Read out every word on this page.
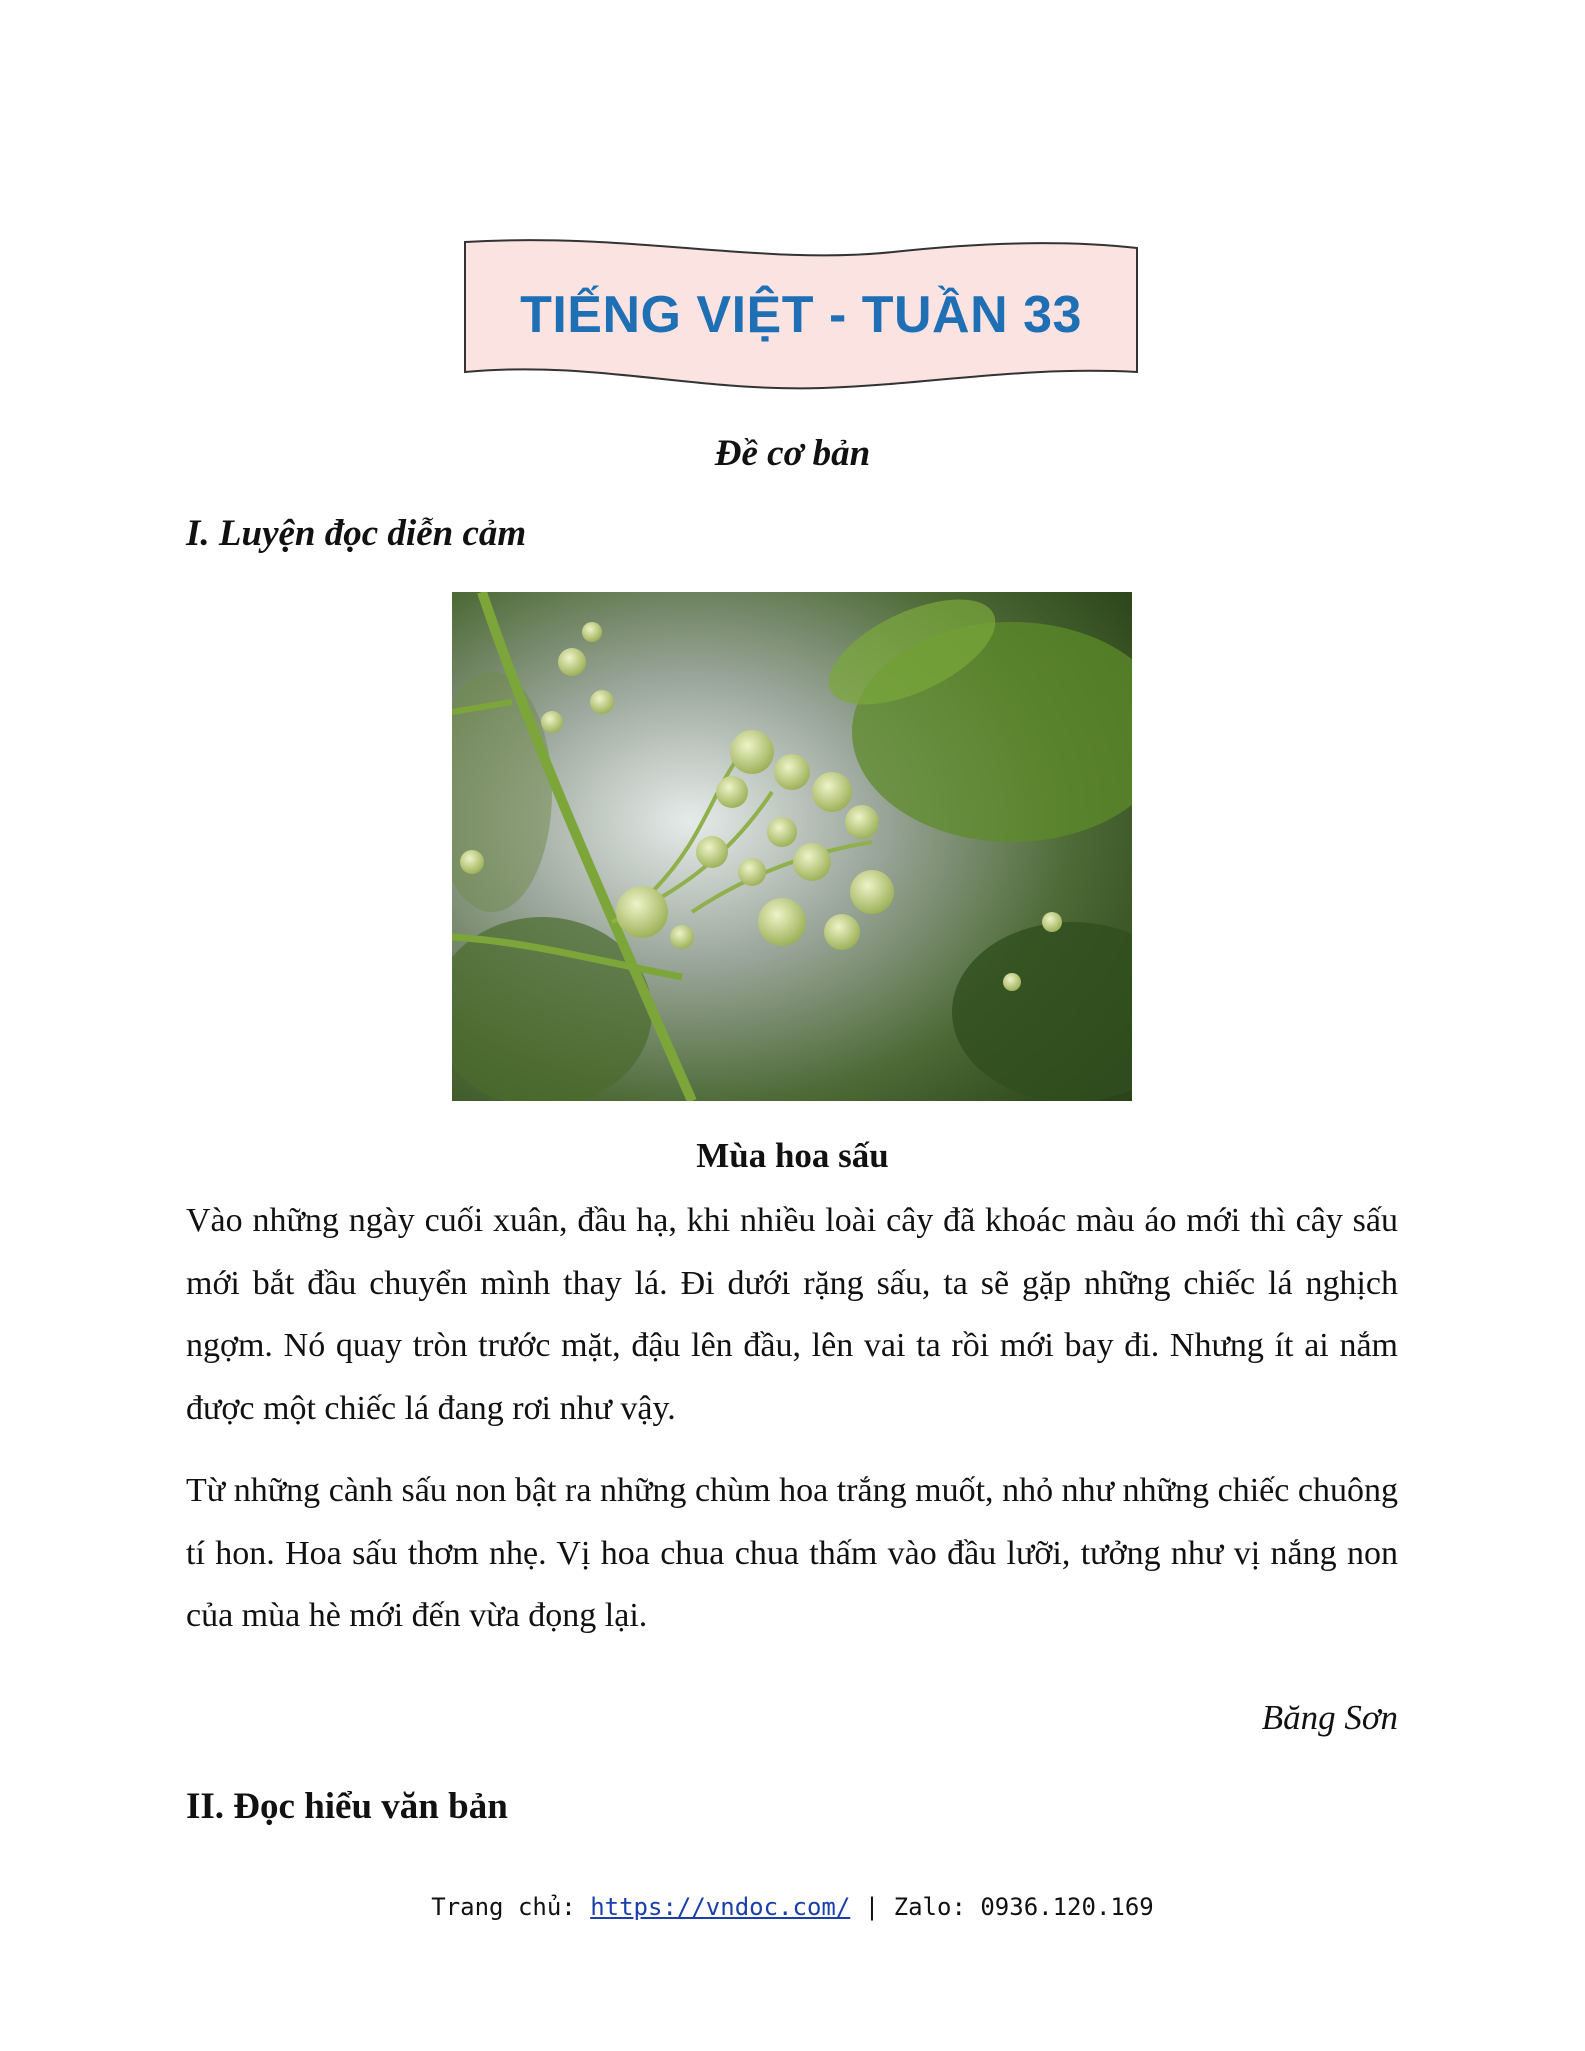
TIẾNG VIỆT - TUẦN 33
Đề cơ bản
I. Luyện đọc diễn cảm
Mùa hoa sấu

Vào những ngày cuối xuân, đầu hạ, khi nhiều loài cây đã khoác màu áo mới thì cây sấu mới bắt đầu chuyển mình thay lá. Đi dưới rặng sấu, ta sẽ gặp những chiếc lá nghịch ngợm. Nó quay tròn trước mặt, đậu lên đầu, lên vai ta rồi mới bay đi. Nhưng ít ai nắm được một chiếc lá đang rơi như vậy.

Từ những cành sấu non bật ra những chùm hoa trắng muốt, nhỏ như những chiếc chuông tí hon. Hoa sấu thơm nhẹ. Vị hoa chua chua thấm vào đầu lưỡi, tưởng như vị nắng non của mùa hè mới đến vừa đọng lại.

Băng Sơn
II. Đọc hiểu văn bản
Trang chủ: https://vndoc.com/ | Zalo: 0936.120.169
